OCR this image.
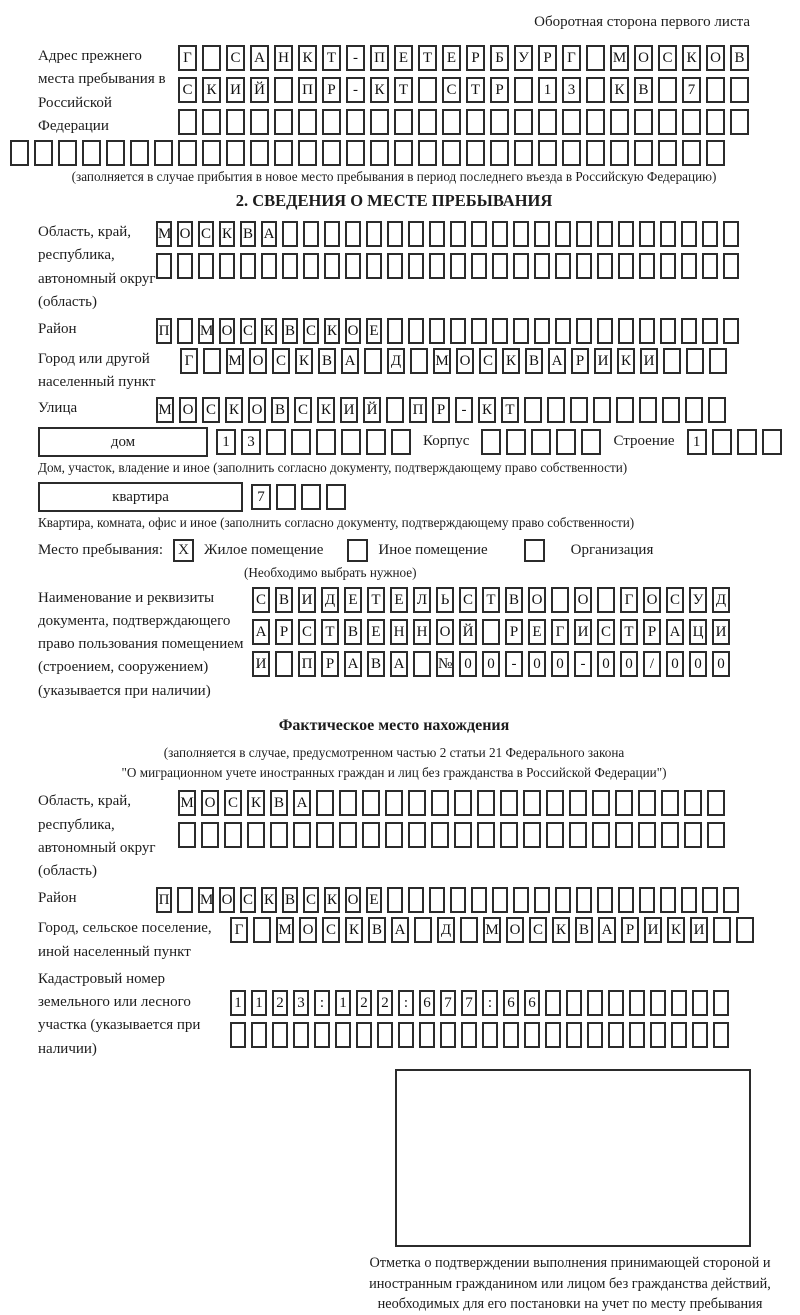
Оборотная сторона первого листа
Адрес прежнего места пребывания в Российской Федерации
Г	С А Н К Т	-	П Е Т Е	Р	Б У Р	Г	М О С К О В
С К И Й П Р	-	К Т	С Т	Р	1	3	К В	7
(заполняется в случае прибытия в новое место пребывания в период последнего въезда в Российскую Федерацию)
2. СВЕДЕНИЯ О МЕСТЕ ПРЕБЫВАНИЯ
Область, край, республика, автономный округ (область)
М О С К В А
Район	П М О С К В С К О Е
Город или другой населенный пункт
Г	М О С К В А Д М О С К В А Р И К И
Улица	М О С К О В С К И Й П Р	-	К Т
дом	1	3	Корпус	Строение	1
Дом, участок, владение и иное (заполнить согласно документу, подтверждающему право собственности)
квартира	7
Квартира, комната, офис и иное (заполнить согласно документу, подтверждающему право собственности)
Место пребывания:	X	Жилое помещение	Иное помещение	Организация
(Необходимо выбрать нужное)
Наименование и реквизиты документа, подтверждающего право пользования помещением (строением, сооружением) (указывается при наличии)
С В И Д Е Т Е Л Ь С Т В О О	Г О С У Д
А Р С Т В Е Н Н О Й	Р Е Г И С Т Р А Ц И
И П Р А В А № 0	0	-	0	0	-	0	0	/	0	0	0
Фактическое место нахождения
(заполняется в случае, предусмотренном частью 2 статьи 21 Федерального закона
"О миграционном учете иностранных граждан и лиц без гражданства в Российской Федерации")
Область, край, республика, автономный округ (область)
М О С К В А
Район	П М О С К В С К О Е
Город, сельское поселение, иной населенный пункт
Г	М О С К В А Д М О С К В А Р И К И
Кадастровый номер земельного или лесного участка (указывается при наличии)
1 1 2 3	:	1 2 2	:	6 7 7	:	6 6
Отметка о подтверждении выполнения принимающей стороной и иностранным гражданином или лицом без гражданства действий, необходимых для его постановки на учет по месту пребывания
